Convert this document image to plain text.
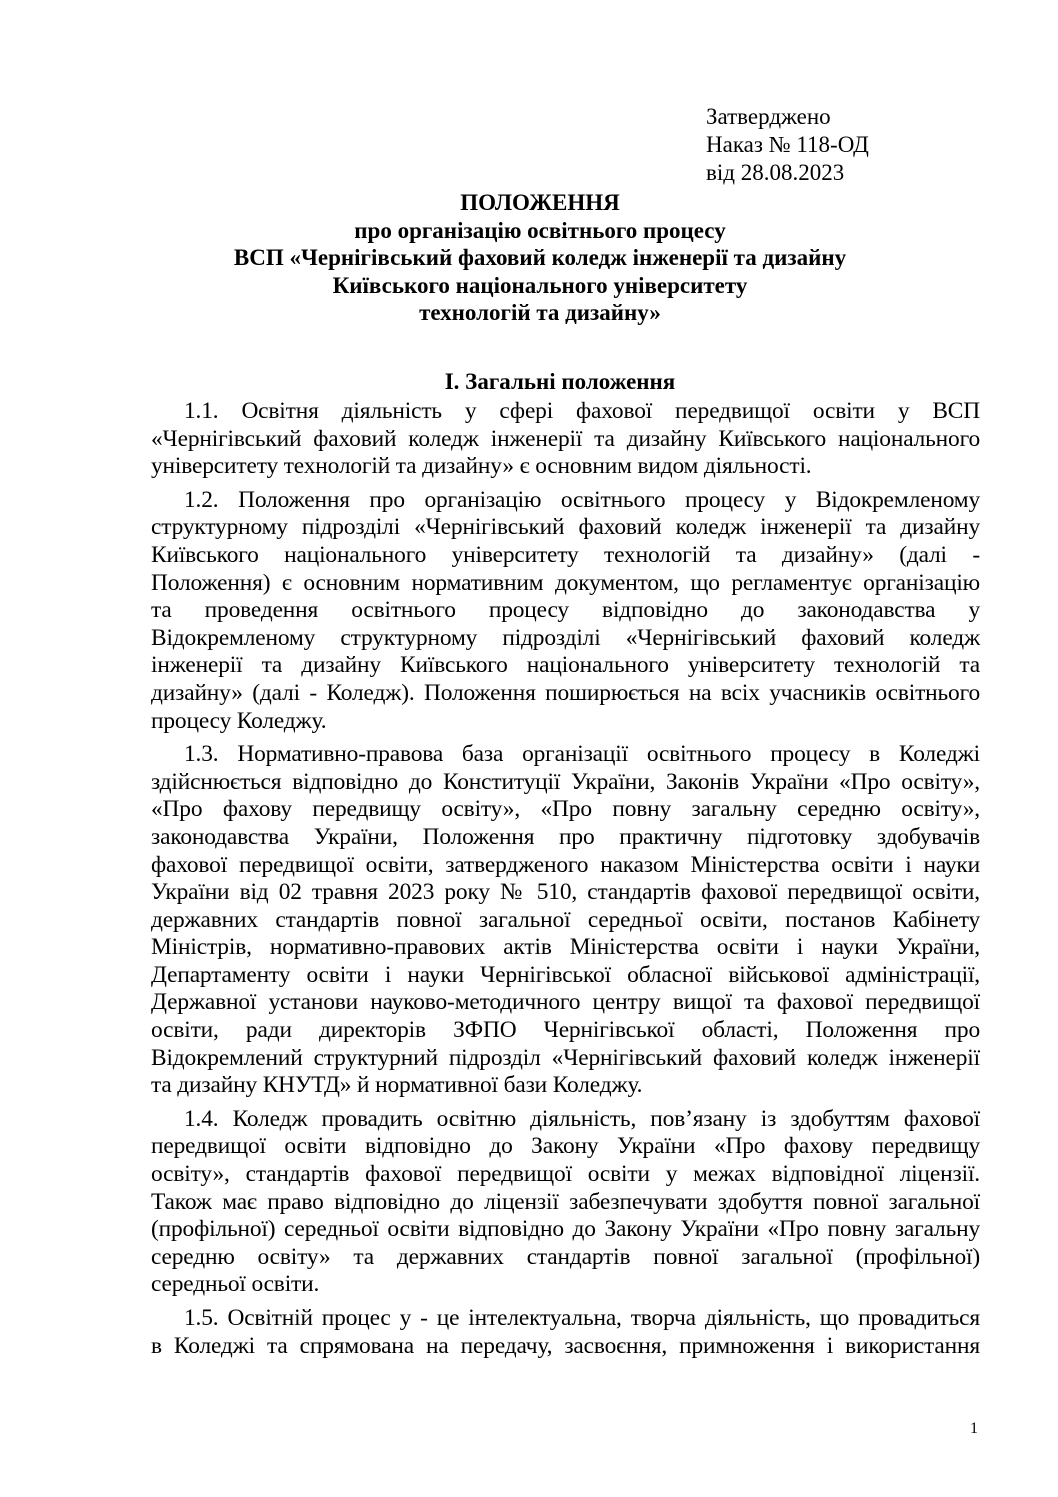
Затверджено
Наказ № 118-ОД
від 28.08.2023
ПОЛОЖЕННЯ
про організацію освітнього процесу
ВСП «Чернігівський фаховий коледж інженерії та дизайну
Київського національного університету
технологій та дизайну»
І. Загальні положення
1.1. Освітня діяльність у сфері фахової передвищої освіти у ВСП
«Чернігівський фаховий коледж інженерії та дизайну Київського національного
університету технологій та дизайну» є основним видом діяльності.
1.2. Положення про організацію освітнього процесу у Відокремленому
структурному підрозділі «Чернігівський фаховий коледж інженерії та дизайну
Київського національного університету технологій та дизайну» (далі -
Положення) є основним нормативним документом, що регламентує організацію
та проведення освітнього процесу відповідно до законодавства у
Відокремленому структурному підрозділі «Чернігівський фаховий коледж
інженерії та дизайну Київського національного університету технологій та
дизайну» (далі - Коледж). Положення поширюється на всіх учасників освітнього
процесу Коледжу.
1.3. Нормативно-правова база організації освітнього процесу в Коледжі
здійснюється відповідно до Конституції України, Законів України «Про освіту»,
«Про фахову передвищу освіту», «Про повну загальну середню освіту»,
законодавства України, Положення про практичну підготовку здобувачів
фахової передвищої освіти, затвердженого наказом Міністерства освіти і науки
України від 02 травня 2023 року № 510, стандартів фахової передвищої освіти,
державних стандартів повної загальної середньої освіти, постанов Кабінету
Міністрів, нормативно-правових актів Міністерства освіти і науки України,
Департаменту освіти і науки Чернігівської обласної військової адміністрації,
Державної установи науково-методичного центру вищої та фахової передвищої
освіти, ради директорів ЗФПО Чернігівської області, Положення про
Відокремлений структурний підрозділ «Чернігівський фаховий коледж інженерії
та дизайну КНУТД» й нормативної бази Коледжу.
1.4. Коледж провадить освітню діяльність, пов’язану із здобуттям фахової
передвищої освіти відповідно до Закону України «Про фахову передвищу
освіту», стандартів фахової передвищої освіти у межах відповідної ліцензії.
Також має право відповідно до ліцензії забезпечувати здобуття повної загальної
(профільної) середньої освіти відповідно до Закону України «Про повну загальну
середню освіту» та державних стандартів повної загальної (профільної)
середньої освіти.
1.5. Освітній процес у - це інтелектуальна, творча діяльність, що провадиться
в Коледжі та спрямована на передачу, засвоєння, примноження і використання
1
